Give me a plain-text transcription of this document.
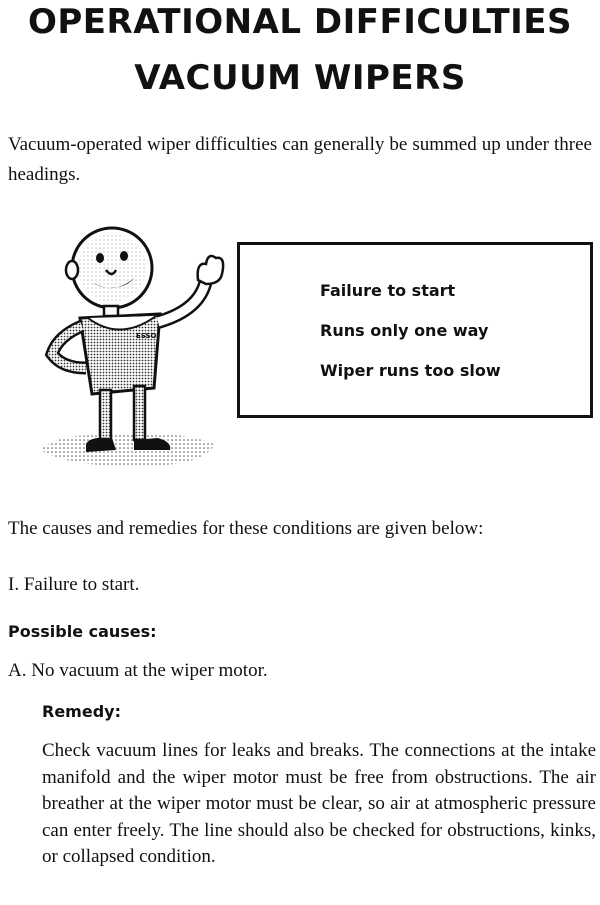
OPERATIONAL DIFFICULTIES
VACUUM WIPERS

Vacuum-operated wiper difficulties can generally be summed up under three headings.

ESSO
Failure to start
Runs only one way
Wiper runs too slow
The causes and remedies for these conditions are given below:
I. Failure to start.
Possible causes:
A. No vacuum at the wiper motor.
Remedy:

Check vacuum lines for leaks and breaks. The connections at the intake manifold and the wiper motor must be free from obstructions. The air breather at the wiper motor must be clear, so air at atmospheric pressure can enter freely. The line should also be checked for obstructions, kinks, or collapsed condition.
